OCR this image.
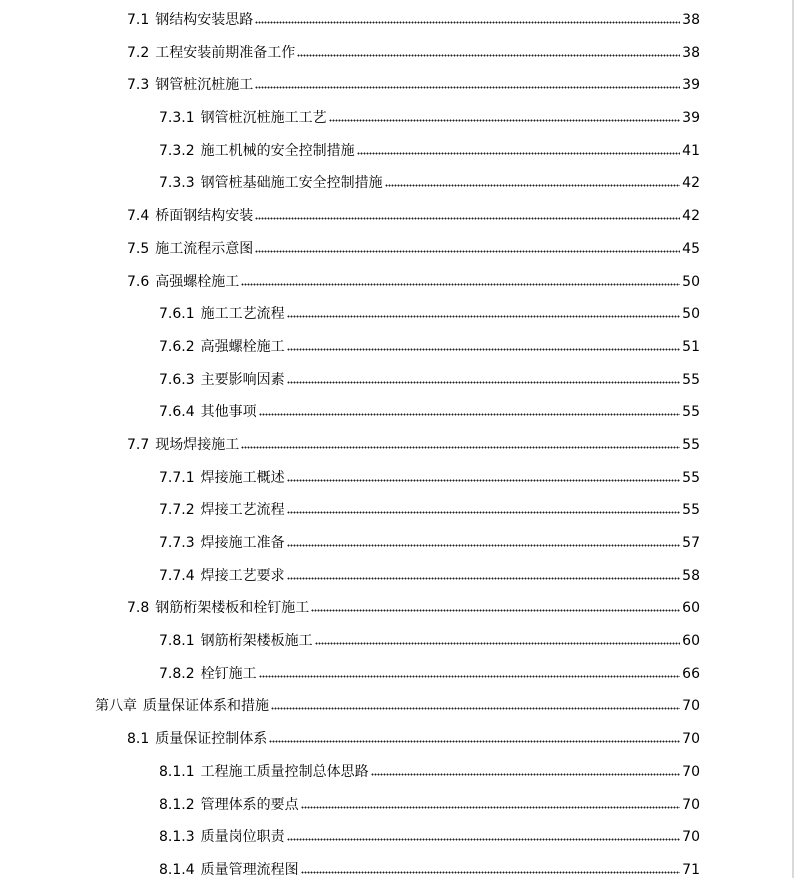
7.1 钢结构安装思路	38
7.2 工程安装前期准备工作	38
7.3 钢管桩沉桩施工	39
7.3.1 钢管桩沉桩施工工艺	39
7.3.2 施工机械的安全控制措施	41
7.3.3 钢管桩基础施工安全控制措施	42
7.4 桥面钢结构安装	42
7.5 施工流程示意图	45
7.6 高强螺栓施工	50
7.6.1 施工工艺流程	50
7.6.2 高强螺栓施工	51
7.6.3 主要影响因素	55
7.6.4 其他事项	55
7.7 现场焊接施工	55
7.7.1 焊接施工概述	55
7.7.2 焊接工艺流程	55
7.7.3 焊接施工准备	57
7.7.4 焊接工艺要求	58
7.8 钢筋桁架楼板和栓钉施工	60
7.8.1 钢筋桁架楼板施工	60
7.8.2 栓钉施工	66
第八章 质量保证体系和措施	70
8.1 质量保证控制体系	70
8.1.1 工程施工质量控制总体思路	70
8.1.2 管理体系的要点	70
8.1.3 质量岗位职责	70
8.1.4 质量管理流程图	71
